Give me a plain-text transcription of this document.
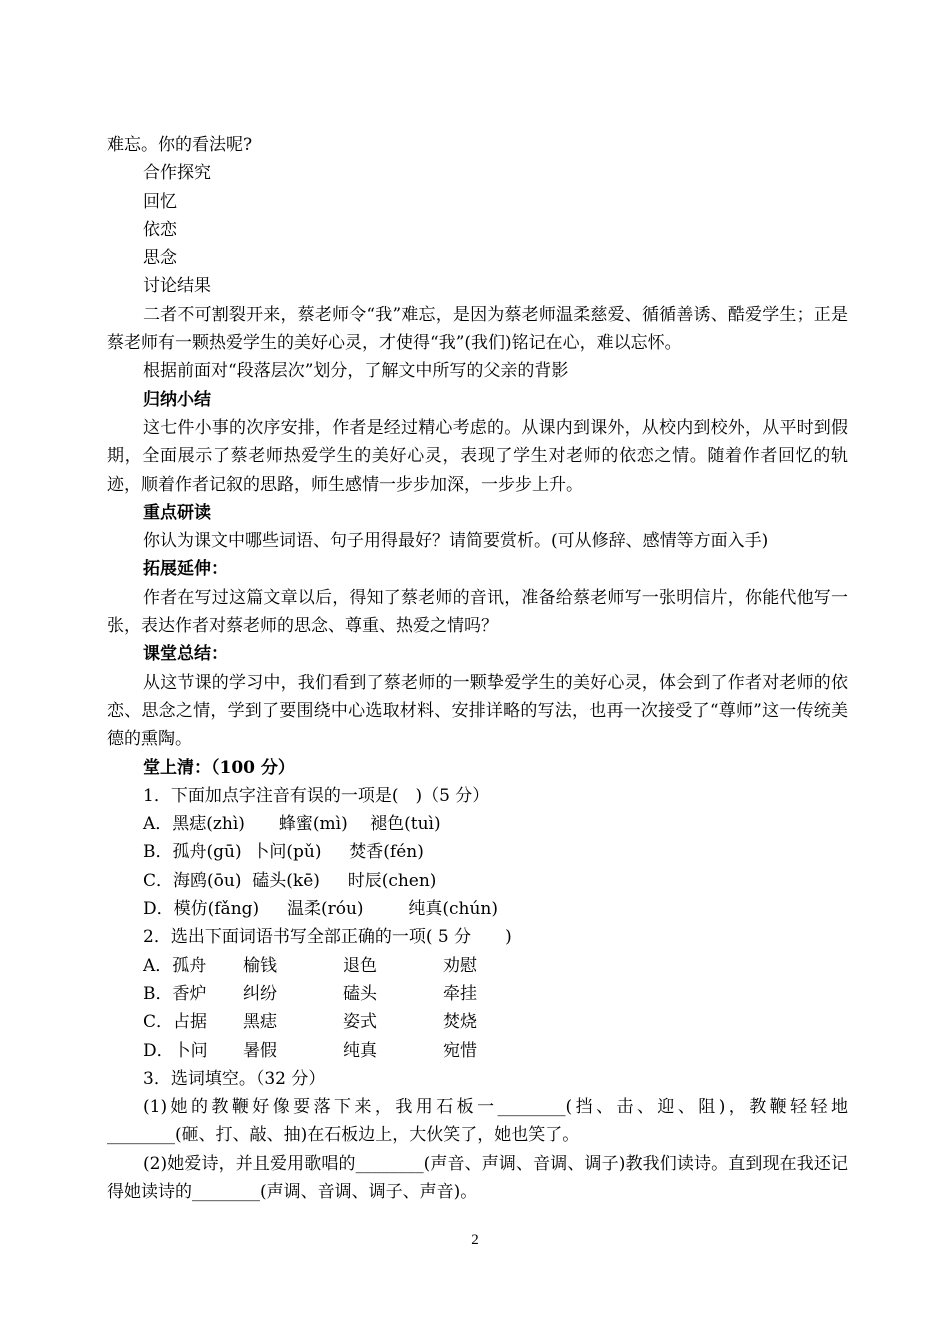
难忘。你的看法呢?

合作探究

回忆

依恋

思念

讨论结果

二者不可割裂开来，蔡老师令“我”难忘，是因为蔡老师温柔慈爱、循循善诱、酷爱学生；正是蔡老师有一颗热爱学生的美好心灵，才使得“我”(我们)铭记在心，难以忘怀。

根据前面对“段落层次”划分，了解文中所写的父亲的背影

归纳小结

这七件小事的次序安排，作者是经过精心考虑的。从课内到课外，从校内到校外，从平时到假期，全面展示了蔡老师热爱学生的美好心灵，表现了学生对老师的依恋之情。随着作者回忆的轨迹，顺着作者记叙的思路，师生感情一步步加深，一步步上升。

重点研读

你认为课文中哪些词语、句子用得最好？请简要赏析。(可从修辞、感情等方面入手)

拓展延伸：

作者在写过这篇文章以后，得知了蔡老师的音讯，准备给蔡老师写一张明信片，你能代他写一张，表达作者对蔡老师的思念、尊重、热爱之情吗？

课堂总结：

从这节课的学习中，我们看到了蔡老师的一颗挚爱学生的美好心灵，体会到了作者对老师的依恋、思念之情，学到了要围绕中心选取材料、安排详略的写法，也再一次接受了“尊师”这一传统美德的熏陶。

堂上清：（100 分）

1．下面加点字注音有误的一项是(　)（5 分）

A．黑痣(zhì)　　蜂蜜(mì)　 褪色(tuì)

B．孤舟(gū)  卜问(pǔ)　  焚香(fén)

C．海鸥(ōu)  磕头(kē)　  时辰(chen)

D．模仿(fǎng)　  温柔(róu)　　  纯真(chún)

2．选出下面词语书写全部正确的一项( 5 分　　)

A．孤舟 榆钱	退色	劝慰

B．香炉 纠纷	磕头	牵挂

C．占据 黑痣	姿式	焚烧

D．卜问 暑假	纯真	宛惜

3．选词填空。（32 分）

(1)她的教鞭好像要落下来，我用石板一________(挡、击、迎、阻)，教鞭轻轻地________(砸、打、敲、抽)在石板边上，大伙笑了，她也笑了。

(2)她爱诗，并且爱用歌唱的________(声音、声调、音调、调子)教我们读诗。直到现在我还记得她读诗的________(声调、音调、调子、声音)。

2
